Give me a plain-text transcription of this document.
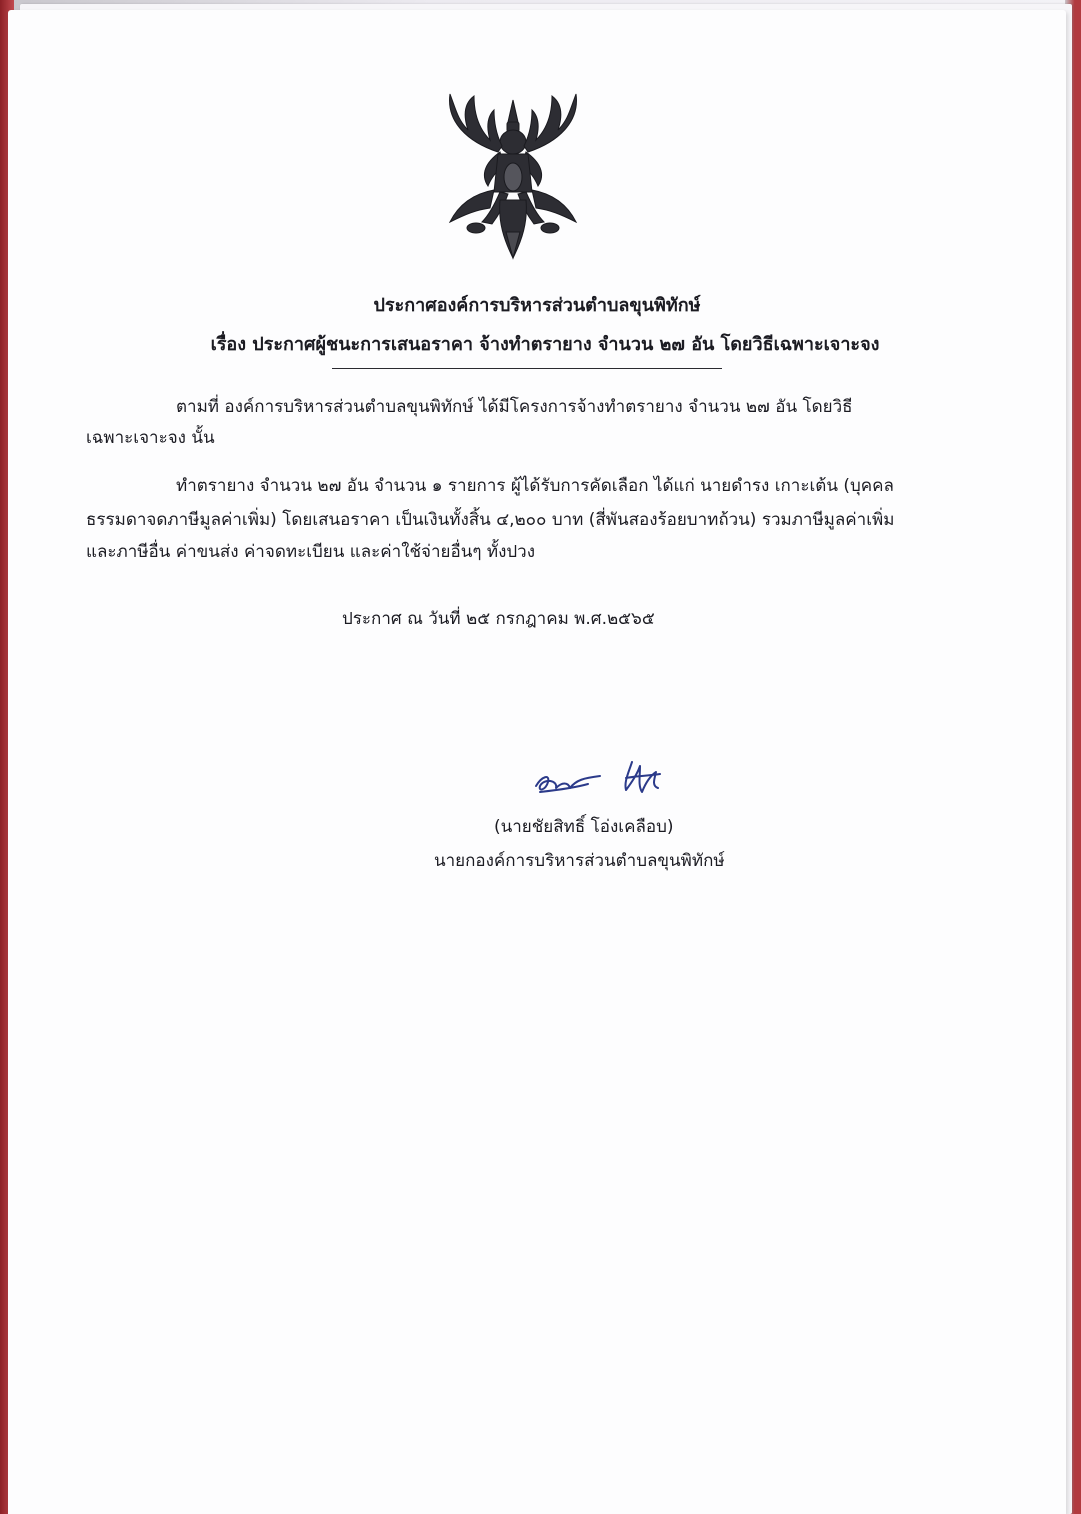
ประกาศองค์การบริหารส่วนตำบลขุนพิทักษ์
เรื่อง ประกาศผู้ชนะการเสนอราคา จ้างทำตรายาง จำนวน ๒๗ อัน โดยวิธีเฉพาะเจาะจง
ตามที่ องค์การบริหารส่วนตำบลขุนพิทักษ์ ได้มีโครงการจ้างทำตรายาง จำนวน ๒๗ อัน โดยวิธี
เฉพาะเจาะจง นั้น
ทำตรายาง จำนวน ๒๗ อัน จำนวน ๑ รายการ ผู้ได้รับการคัดเลือก ได้แก่ นายดำรง เกาะเต้น (บุคคล
ธรรมดาจดภาษีมูลค่าเพิ่ม) โดยเสนอราคา เป็นเงินทั้งสิ้น ๔,๒๐๐ บาท (สี่พันสองร้อยบาทถ้วน) รวมภาษีมูลค่าเพิ่ม
และภาษีอื่น ค่าขนส่ง ค่าจดทะเบียน และค่าใช้จ่ายอื่นๆ ทั้งปวง
ประกาศ ณ วันที่ ๒๕ กรกฎาคม พ.ศ.๒๕๖๕
(นายชัยสิทธิ์ โอ่งเคลือบ)
นายกองค์การบริหารส่วนตำบลขุนพิทักษ์
